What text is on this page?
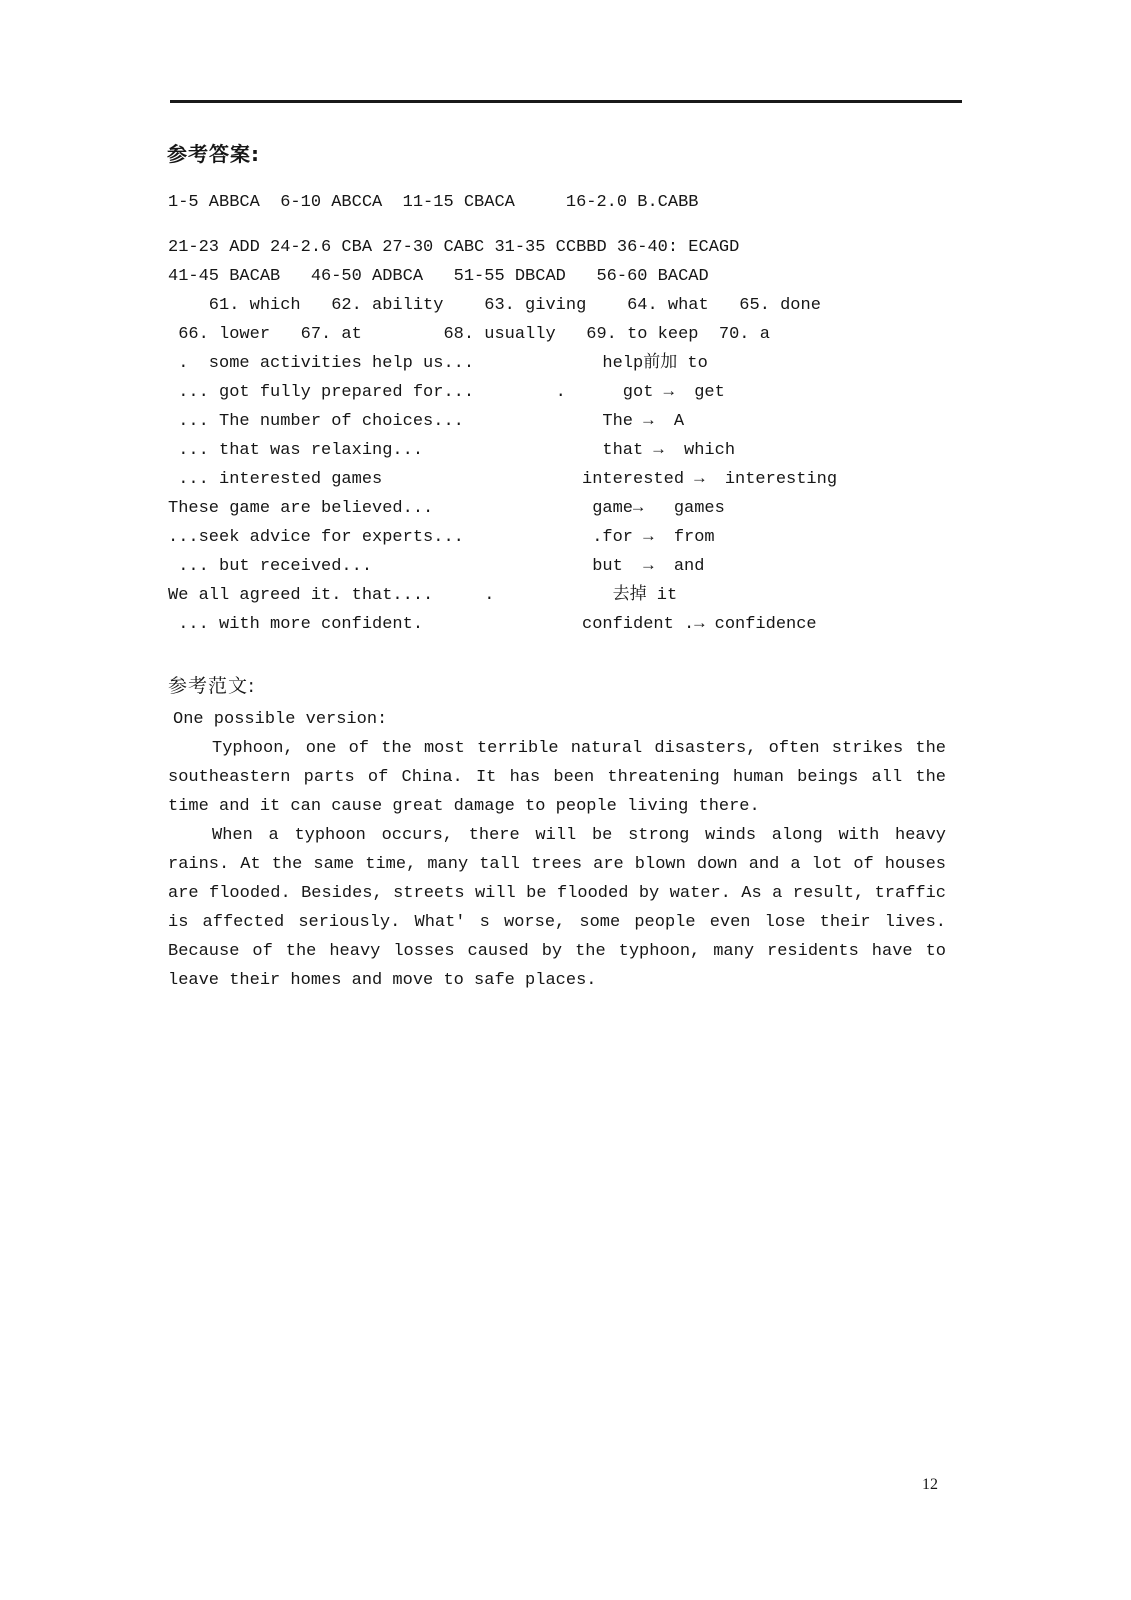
参考答案:
1-5 ABBCA  6-10 ABCCA  11-15 CBACA     16-2.0 B.CABB
21-23 ADD 24-2.6 CBA 27-30 CABC 31-35 CCBBD 36-40: ECAGD
41-45 BACAB   46-50 ADBCA   51-55 DBCAD   56-60 BACAD
61. which   62. ability    63. giving    64. what   65. done
66. lower   67. at        68. usually   69. to keep  70. a
.  some activities help us...	help前加 to
... got fully prepared for...        . got →  get
... The number of choices...	The →  A
... that was relaxing...	that →  which
... interested games	interested →  interesting
These game are believed...	game→   games
...seek advice for experts...	.for →  from
... but received...	but  →  and
We all agreed it. that....     .	去掉 it
... with more confident.	confident .→ confidence
参考范文:
One possible version:

Typhoon, one of the most terrible natural disasters, often strikes the southeastern parts of China. It has been threatening human beings all the time and it can cause great damage to people living there.

When a typhoon occurs, there will be strong winds along with heavy rains. At the same time, many tall trees are blown down and a lot of houses are flooded. Besides, streets will be flooded by water. As a result, traffic is affected seriously. What' s worse, some people even lose their lives. Because of the heavy losses caused by the typhoon, many residents have to leave their homes and move to safe places.

12
